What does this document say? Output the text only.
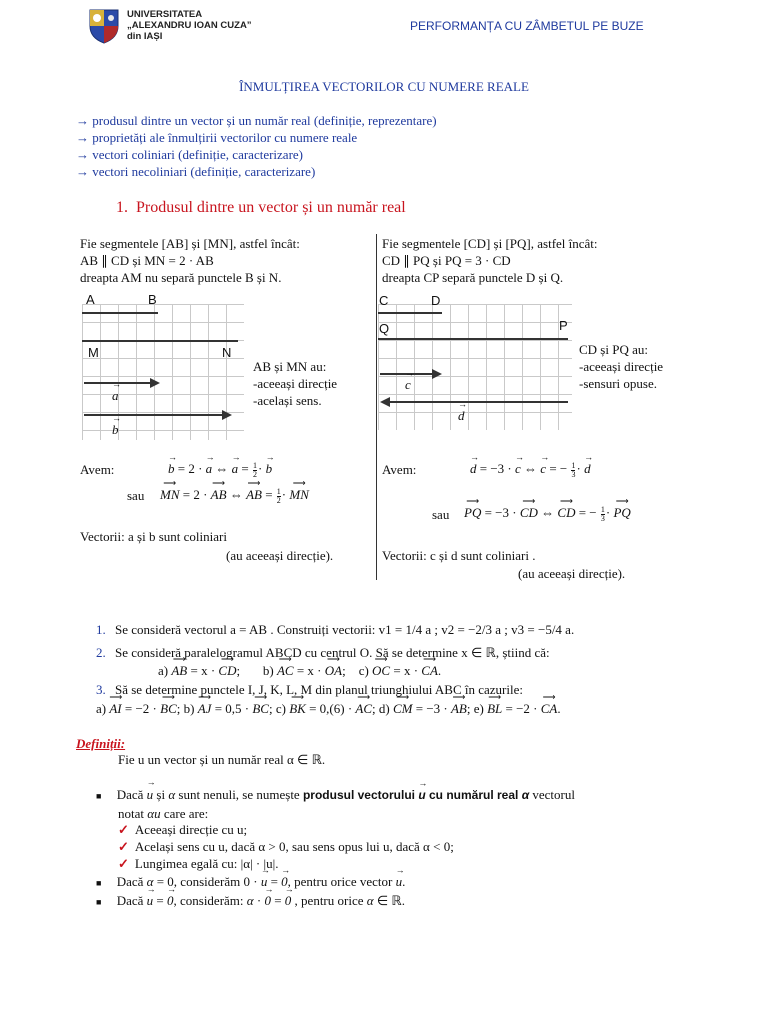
UNIVERSITATEA
„ALEXANDRU IOAN CUZA”
din IAȘI
PERFORMANȚA CU ZÂMBETUL PE BUZE
ÎNMULȚIREA VECTORILOR CU NUMERE REALE
→ produsul dintre un vector și un număr real (definiție, reprezentare)
→ proprietăți ale înmulțirii vectorilor cu numere reale
→ vectori coliniari (definiție, caracterizare)
→ vectori necoliniari (definiție, caracterizare)
1. Produsul dintre un vector și un număr real
Fie segmentele [AB] și [MN], astfel încât:
AB ∥ CD și MN = 2 · AB
dreapta AM nu separă punctele B și N.
A	B
M	N
→ a
→ b
AB și MN au:
-aceeași direcție
-același sens.
Avem:	→ b = 2 · → a ⇔ → $a = \frac{1}{2}$ · → b
sau ⟶ MN = 2 · ⟶ AB ⇔ ⟶ AB = $\frac{1}{2}$ · ⟶ MN
Vectorii: a și b sunt coliniari
(au aceeași direcție).
Fie segmentele [CD] și [PQ], astfel încât:
CD ∥ PQ și PQ = 3 · CD
dreapta CP separă punctele D și Q.
C	D
Q	P
→ c
→ d
CD și PQ au:
-aceeași direcție
-sensuri opuse.
Avem:	→ d = −3 · → c ⇔ → c = − $\frac{1}{3}$ · → d
sau ⟶ PQ = −3 · ⟶ CD ⇔ ⟶ CD = − $\frac{1}{3}$ · ⟶ PQ
Vectorii: c și d sunt coliniari .
(au aceeași direcție).
1. Se consideră vectorul a = AB . Construiți vectorii: v1 = 1/4 a ; v2 = −2/3 a ; v3 = −5/4 a.
2. Se consideră paralelogramul ABCD cu centrul O. Să se determine x ∈ ℝ, știind că:
a) ⟶ AB = x · ⟶ CD;       b) ⟶ AC = x · ⟶ OA;    c) ⟶ OC = x · ⟶ CA.
3. Să se determine punctele I, J, K, L, M din planul triunghiului ABC în cazurile:
a) ⟶ AI = −2 · ⟶ BC; b) ⟶ AJ = 0,5 · ⟶ BC; c) ⟶ BK = 0,(6) · ⟶ AC; d) ⟶ CM = −3 · ⟶ AB; e) ⟶ BL = −2 · ⟶ CA.
Definiții:
Fie u un vector și un număr real α ∈ ℝ.
■ Dacă → u și α sunt nenuli, se numește produsul vectorului → u cu numărul real α vectorul
notat αu care are:
✓ Aceeași direcție cu u;
✓ Același sens cu u, dacă α > 0, sau sens opus lui u, dacă α < 0;
✓ Lungimea egală cu: |α| · |u|.
■ Dacă α = 0, considerăm 0 · → u = → 0, pentru orice vector → u.
■ Dacă → u = → 0, considerăm: α · → 0 = → 0 , pentru orice α ∈ ℝ.
